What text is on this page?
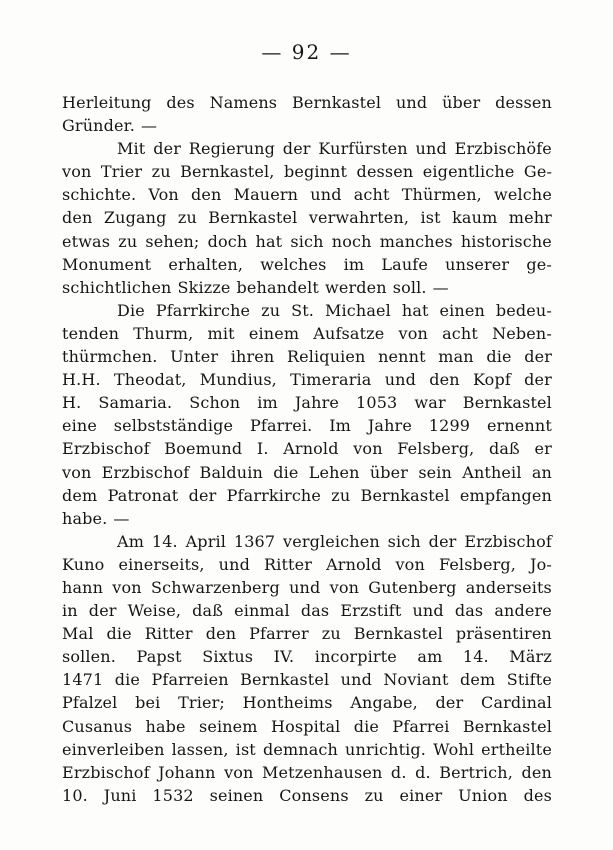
— 92 —
Herleitung des Namens Bernkastel und über dessen
Gründer. —
Mit der Regierung der Kurfürsten und Erzbischöfe
von Trier zu Bernkastel, beginnt dessen eigentliche Ge-
schichte. Von den Mauern und acht Thürmen, welche
den Zugang zu Bernkastel verwahrten, ist kaum mehr
etwas zu sehen; doch hat sich noch manches historische
Monument erhalten, welches im Laufe unserer ge-
schichtlichen Skizze behandelt werden soll. —
Die Pfarrkirche zu St. Michael hat einen bedeu-
tenden Thurm, mit einem Aufsatze von acht Neben-
thürmchen. Unter ihren Reliquien nennt man die der
H.H. Theodat, Mundius, Timeraria und den Kopf der
H. Samaria. Schon im Jahre 1053 war Bernkastel
eine selbstständige Pfarrei. Im Jahre 1299 ernennt
Erzbischof Boemund I. Arnold von Felsberg, daß er
von Erzbischof Balduin die Lehen über sein Antheil an
dem Patronat der Pfarrkirche zu Bernkastel empfangen
habe. —
Am 14. April 1367 vergleichen sich der Erzbischof
Kuno einerseits, und Ritter Arnold von Felsberg, Jo-
hann von Schwarzenberg und von Gutenberg anderseits
in der Weise, daß einmal das Erzstift und das andere
Mal die Ritter den Pfarrer zu Bernkastel präsentiren
sollen. Papst Sixtus IV. incorpirte am 14. März
1471 die Pfarreien Bernkastel und Noviant dem Stifte
Pfalzel bei Trier; Hontheims Angabe, der Cardinal
Cusanus habe seinem Hospital die Pfarrei Bernkastel
einverleiben lassen, ist demnach unrichtig. Wohl ertheilte
Erzbischof Johann von Metzenhausen d. d. Bertrich, den
10. Juni 1532 seinen Consens zu einer Union des
